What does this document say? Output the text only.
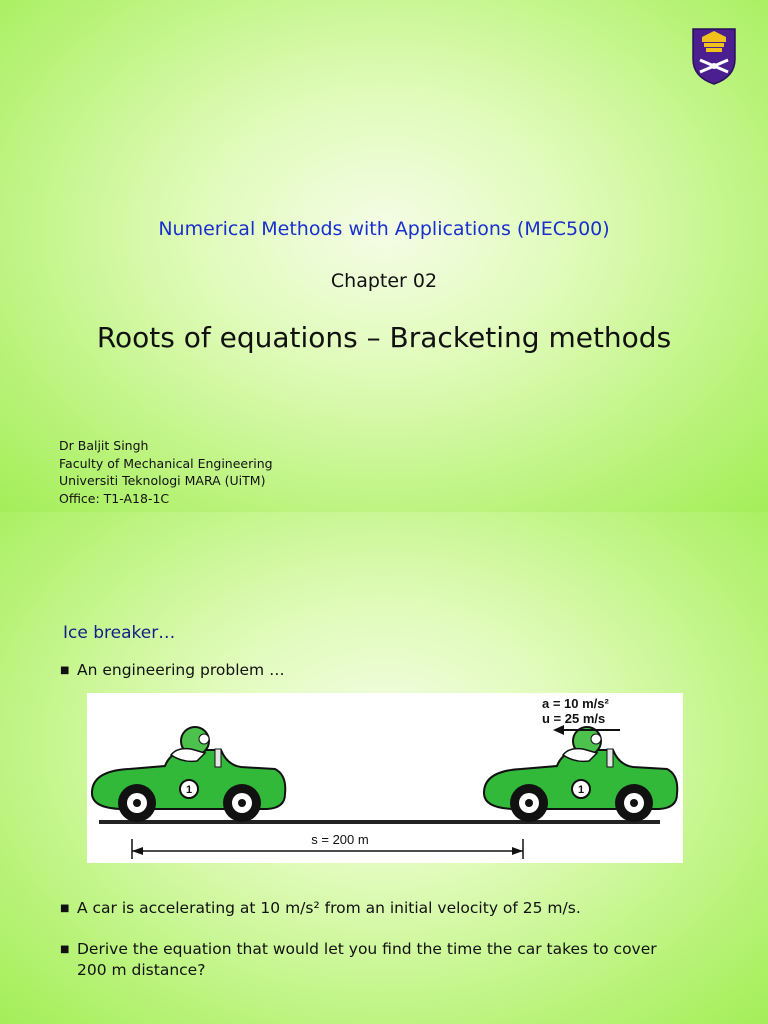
Numerical Methods with Applications (MEC500)
Chapter 02
Roots of equations – Bracketing methods
Dr Baljit Singh
Faculty of Mechanical Engineering
Universiti Teknologi MARA (UiTM)
Office: T1-A18-1C
Ice breaker…
■ An engineering problem …
1	1
a = 10 m/s²
u = 25 m/s
s = 200 m
■ A car is accelerating at 10 m/s² from an initial velocity of 25 m/s.
■ Derive the equation that would let you find the time the car takes to cover 200 m distance?
